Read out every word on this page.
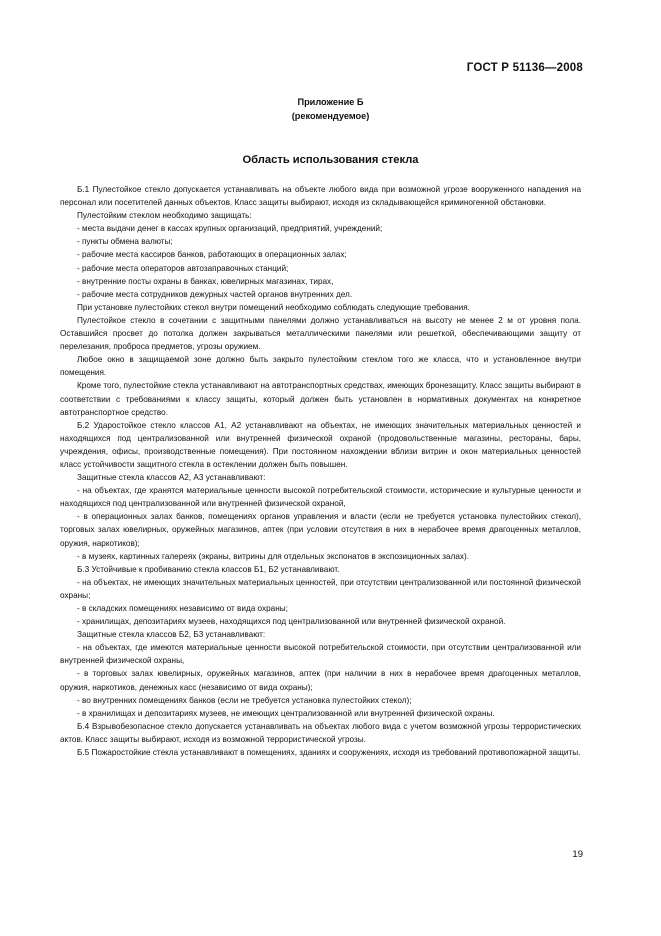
ГОСТ Р 51136—2008
Приложение Б
(рекомендуемое)
Область использования стекла

Б.1 Пулестойкое стекло допускается устанавливать на объекте любого вида при возможной угрозе вооруженного нападения на персонал или посетителей данных объектов. Класс защиты выбирают, исходя из складывающейся криминогенной обстановки.

Пулестойким стеклом необходимо защищать:

- места выдачи денег в кассах крупных организаций, предприятий, учреждений;

- пункты обмена валюты;

- рабочие места кассиров банков, работающих в операционных залах;

- рабочие места операторов автозаправочных станций;

- внутренние посты охраны в банках, ювелирных магазинах, тирах,

- рабочие места сотрудников дежурных частей органов внутренних дел.

При установке пулестойких стекол внутри помещений необходимо соблюдать следующие требования.

Пулестойкое стекло в сочетании с защитными панелями должно устанавливаться на высоту не менее 2 м от уровня пола. Оставшийся просвет до потолка должен закрываться металлическими панелями или решеткой, обеспечивающими защиту от перелезания, проброса предметов, угрозы оружием.

Любое окно в защищаемой зоне должно быть закрыто пулестойким стеклом того же класса, что и установленное внутри помещения.

Кроме того, пулестойкие стекла устанавливают на автотранспортных средствах, имеющих бронезащиту. Класс защиты выбирают в соответствии с требованиями к классу защиты, который должен быть установлен в нормативных документах на конкретное автотранспортное средство.

Б.2 Ударостойкое стекло классов А1, А2 устанавливают на объектах, не имеющих значительных материальных ценностей и находящихся под централизованной или внутренней физической охраной (продовольственные магазины, рестораны, бары, учреждения, офисы, производственные помещения). При постоянном нахождении вблизи витрин и окон материальных ценностей класс устойчивости защитного стекла в остеклении должен быть повышен.

Защитные стекла классов А2, А3 устанавливают:

- на объектах, где хранятся материальные ценности высокой потребительской стоимости, исторические и культурные ценности и находящихся под централизованной или внутренней физической охраной,

- в операционных залах банков, помещениях органов управления и власти (если не требуется установка пулестойких стекол), торговых залах ювелирных, оружейных магазинов, аптек (при условии отсутствия в них в нерабочее время драгоценных металлов, оружия, наркотиков);

- в музеях, картинных галереях (экраны, витрины для отдельных экспонатов в экспозиционных залах).

Б.3 Устойчивые к пробиванию стекла классов Б1, Б2 устанавливают.

- на объектах, не имеющих значительных материальных ценностей, при отсутствии централизованной или постоянной физической охраны;

- в складских помещениях независимо от вида охраны;

- хранилищах, депозитариях музеев, находящихся под централизованной или внутренней физической охраной.

Защитные стекла классов Б2, Б3 устанавливают:

- на объектах, где имеются материальные ценности высокой потребительской стоимости, при отсутствии централизованной или внутренней физической охраны,

- в торговых залах ювелирных, оружейных магазинов, аптек (при наличии в них в нерабочее время драгоценных металлов, оружия, наркотиков, денежных касс (независимо от вида охраны);

- во внутренних помещениях банков (если не требуется установка пулестойких стекол);

- в хранилищах и депозитариях музеев, не имеющих централизованной или внутренней физической охраны.

Б.4 Взрывобезопасное стекло допускается устанавливать на объектах любого вида с учетом возможной угрозы террористических актов. Класс защиты выбирают, исходя из возможной террористической угрозы.

Б.5 Пожаростойкие стекла устанавливают в помещениях, зданиях и сооружениях, исходя из требований противопожарной защиты.

19
